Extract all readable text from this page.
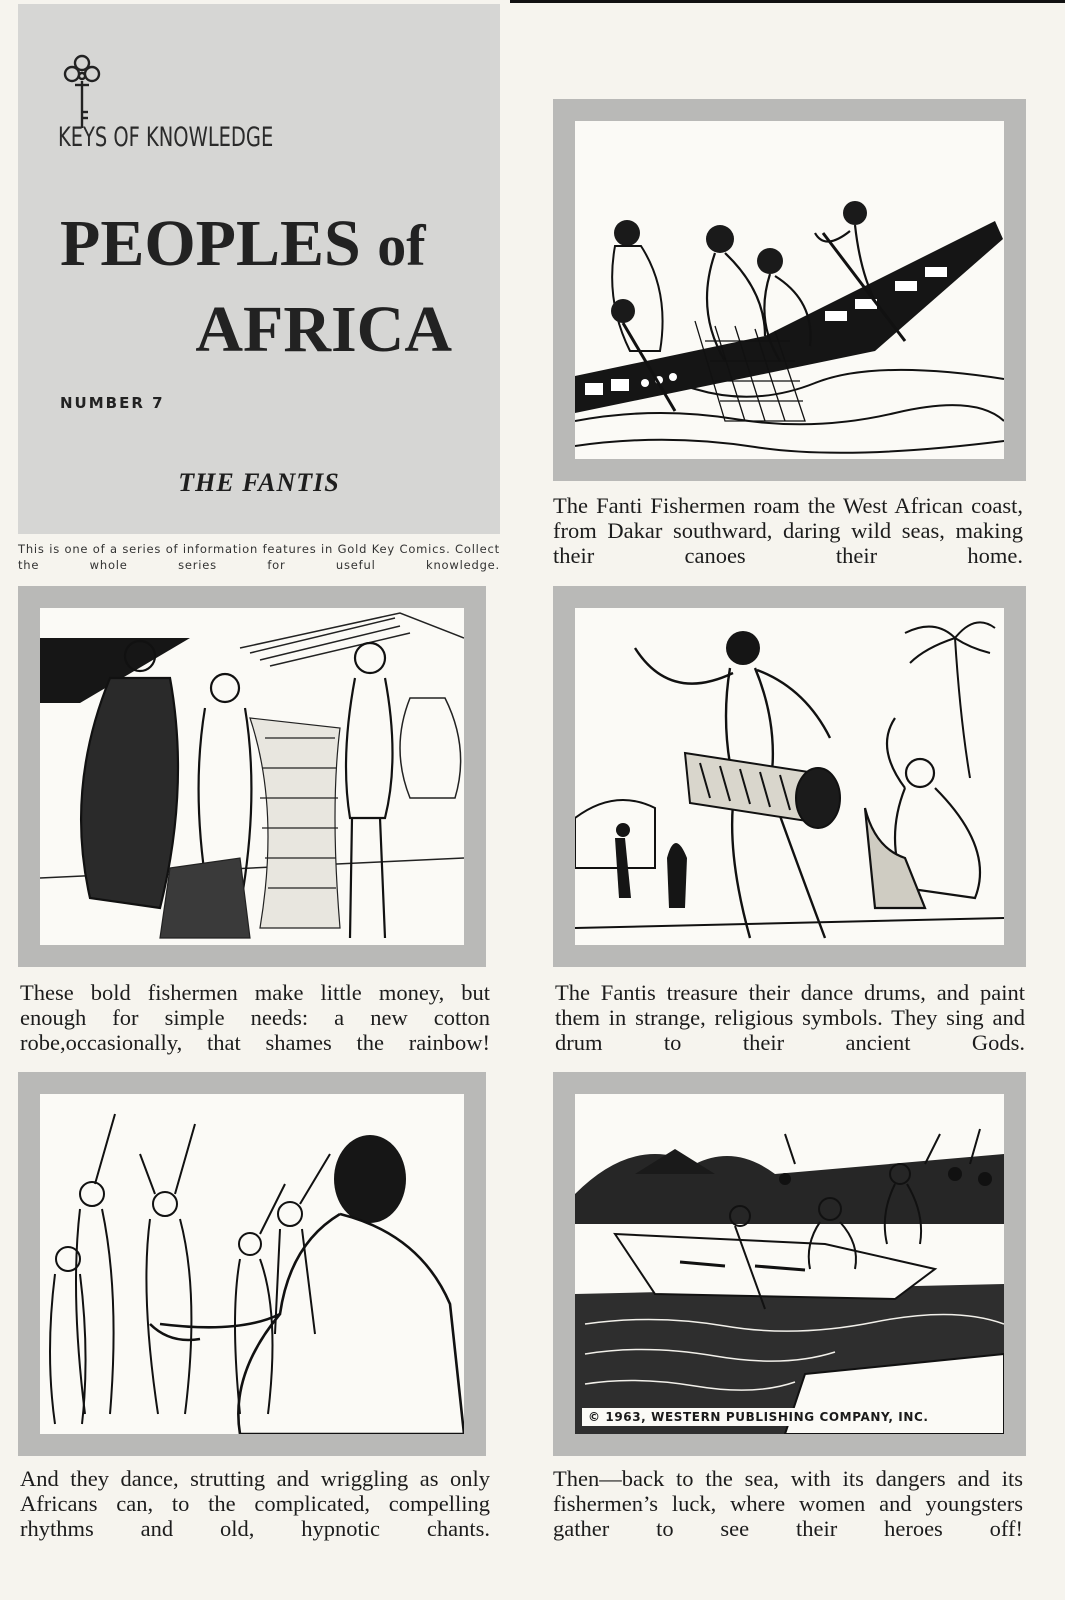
KEYS OF KNOWLEDGE
PEOPLES of
AFRICA
NUMBER 7
THE FANTIS
This is one of a series of information features in Gold Key Comics. Collect the whole series for useful knowledge.
The Fanti Fishermen roam the West African coast, from Dakar southward, daring wild seas, making their canoes their home.
These bold fishermen make little money, but enough for simple needs: a new cotton robe,occasionally, that shames the rainbow!
The Fantis treasure their dance drums, and paint them in strange, religious symbols. They sing and drum to their ancient Gods.
And they dance, strutting and wriggling as only Africans can, to the complicated, compelling rhythms and old, hypnotic chants.
© 1963, WESTERN PUBLISHING COMPANY, INC.
Then—back to the sea, with its dangers and its fishermen’s luck, where women and youngsters gather to see their heroes off!
